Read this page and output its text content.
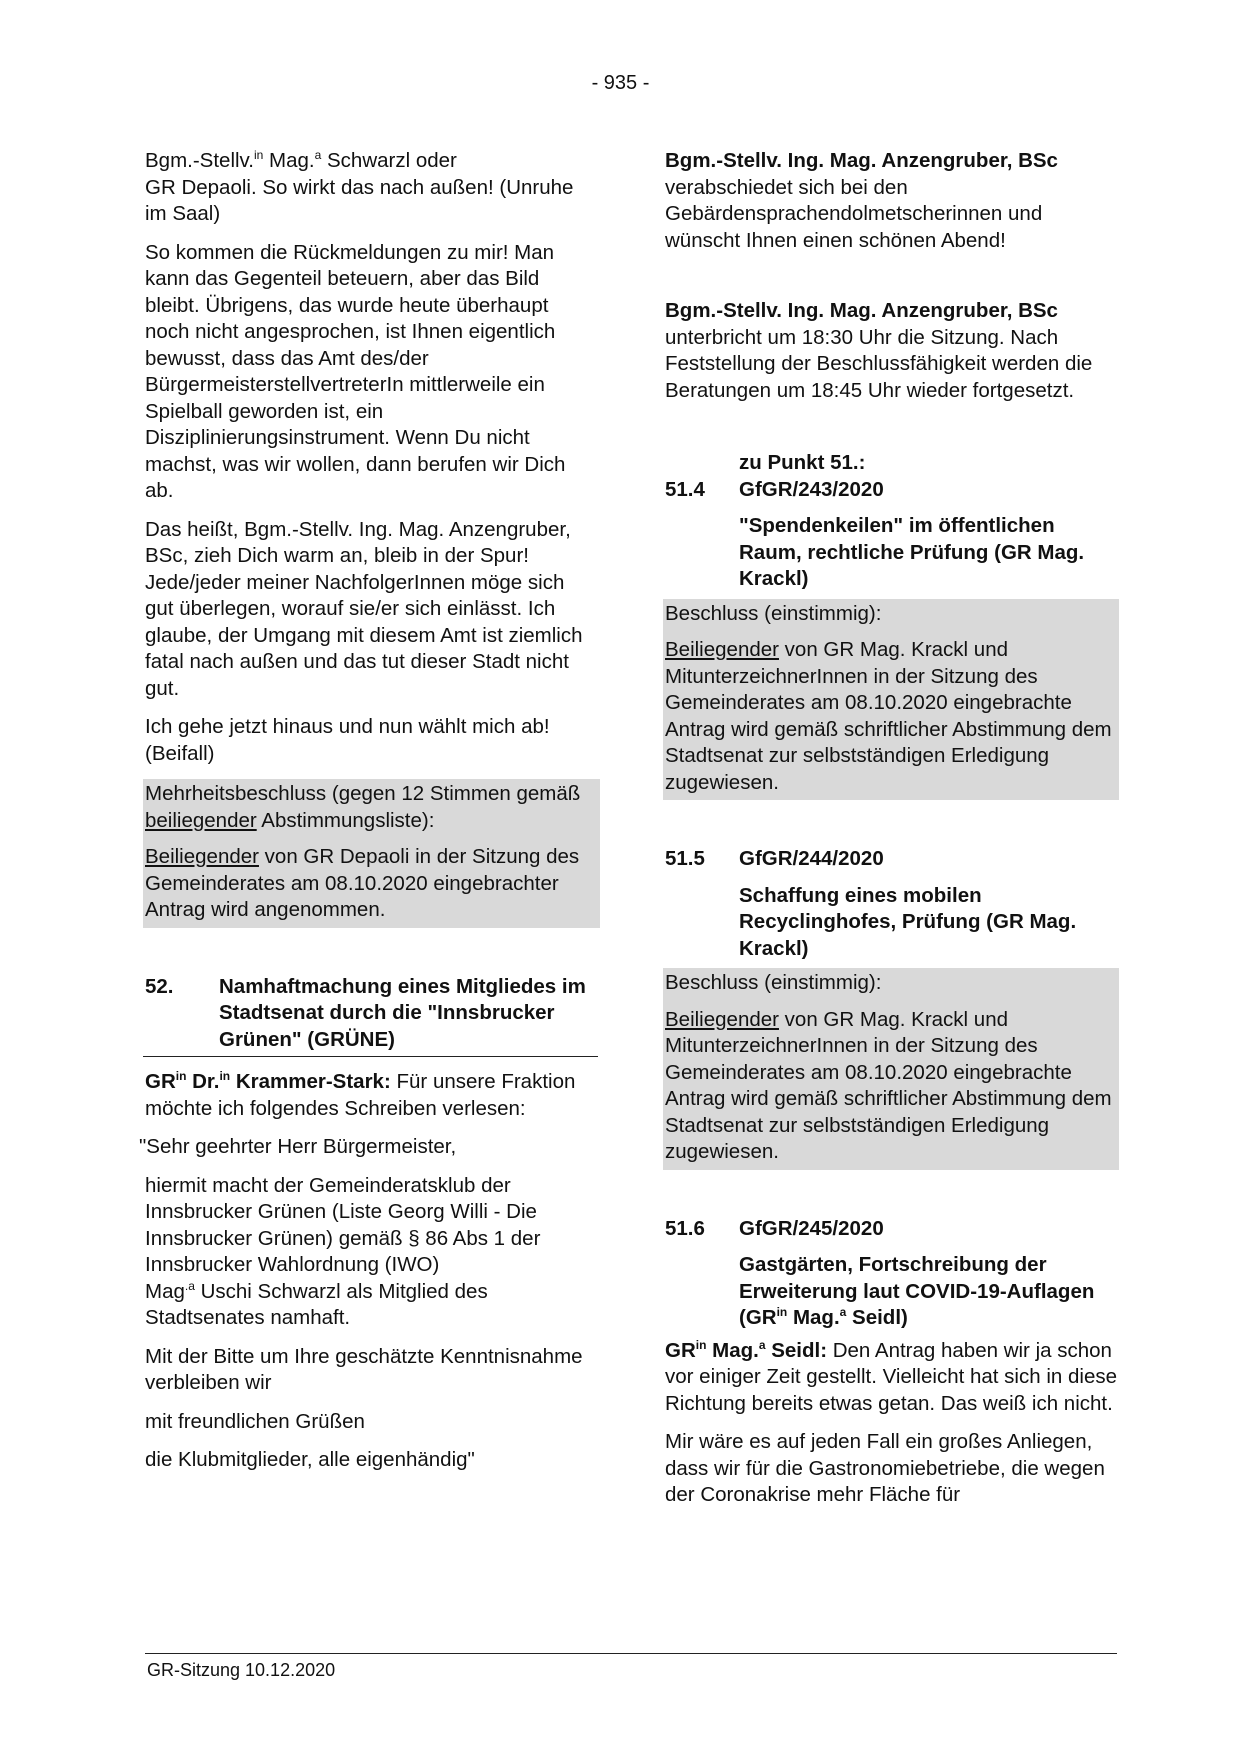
- 935 -

Bgm.-Stellv.$^{in}$ Mag.$^a$ Schwarzl oder
GR Depaoli. So wirkt das nach außen! (Unruhe im Saal)

So kommen die Rückmeldungen zu mir! Man kann das Gegenteil beteuern, aber das Bild bleibt. Übrigens, das wurde heute überhaupt noch nicht angesprochen, ist Ihnen eigentlich bewusst, dass das Amt des/der BürgermeisterstellvertreterIn mittlerweile ein Spielball geworden ist, ein Disziplinierungsinstrument. Wenn Du nicht machst, was wir wollen, dann berufen wir Dich ab.

Das heißt, Bgm.-Stellv. Ing. Mag. Anzengruber, BSc, zieh Dich warm an, bleib in der Spur! Jede/jeder meiner NachfolgerInnen möge sich gut überlegen, worauf sie/er sich einlässt. Ich glaube, der Umgang mit diesem Amt ist ziemlich fatal nach außen und das tut dieser Stadt nicht gut.

Ich gehe jetzt hinaus und nun wählt mich ab! (Beifall)

Mehrheitsbeschluss (gegen 12 Stimmen gemäß beiliegender Abstimmungsliste):

Beiliegender von GR Depaoli in der Sitzung des Gemeinderates am 08.10.2020 eingebrachter Antrag wird angenommen.

52.	Namhaftmachung eines Mitgliedes im Stadtsenat durch die "Innsbrucker Grünen" (GRÜNE)

$GR^{in}$ Dr.$^{in}$ Krammer-Stark: Für unsere Fraktion möchte ich folgendes Schreiben verlesen:

"Sehr geehrter Herr Bürgermeister,

hiermit macht der Gemeinderatsklub der Innsbrucker Grünen (Liste Georg Willi - Die Innsbrucker Grünen) gemäß § 86 Abs 1 der Innsbrucker Wahlordnung (IWO)
Mag$^{.a}$ Uschi Schwarzl als Mitglied des Stadtsenates namhaft.

Mit der Bitte um Ihre geschätzte Kenntnisnahme verbleiben wir

mit freundlichen Grüßen

die Klubmitglieder, alle eigenhändig"

Bgm.-Stellv. Ing. Mag. Anzengruber, BSc
verabschiedet sich bei den Gebärdensprachendolmetscherinnen und wünscht Ihnen einen schönen Abend!

Bgm.-Stellv. Ing. Mag. Anzengruber, BSc
unterbricht um 18:30 Uhr die Sitzung. Nach Feststellung der Beschlussfähigkeit werden die Beratungen um 18:45 Uhr wieder fortgesetzt.

zu Punkt 51.:
51.4	GfGR/243/2020
"Spendenkeilen" im öffentlichen Raum, rechtliche Prüfung (GR Mag. Krackl)

Beschluss (einstimmig):

Beiliegender von GR Mag. Krackl und MitunterzeichnerInnen in der Sitzung des Gemeinderates am 08.10.2020 eingebrachte Antrag wird gemäß schriftlicher Abstimmung dem Stadtsenat zur selbstständigen Erledigung zugewiesen.

51.5	GfGR/244/2020
Schaffung eines mobilen Recyclinghofes, Prüfung (GR Mag. Krackl)

Beschluss (einstimmig):

Beiliegender von GR Mag. Krackl und MitunterzeichnerInnen in der Sitzung des Gemeinderates am 08.10.2020 eingebrachte Antrag wird gemäß schriftlicher Abstimmung dem Stadtsenat zur selbstständigen Erledigung zugewiesen.

51.6	GfGR/245/2020
Gastgärten, Fortschreibung der Erweiterung laut COVID-19-Auflagen ($GR^{in}$ Mag.$^a$ Seidl)

$GR^{in}$ Mag.$^a$ Seidl: Den Antrag haben wir ja schon vor einiger Zeit gestellt. Vielleicht hat sich in diese Richtung bereits etwas getan. Das weiß ich nicht.

Mir wäre es auf jeden Fall ein großes Anliegen, dass wir für die Gastronomiebetriebe, die wegen der Coronakrise mehr Fläche für

GR-Sitzung 10.12.2020
